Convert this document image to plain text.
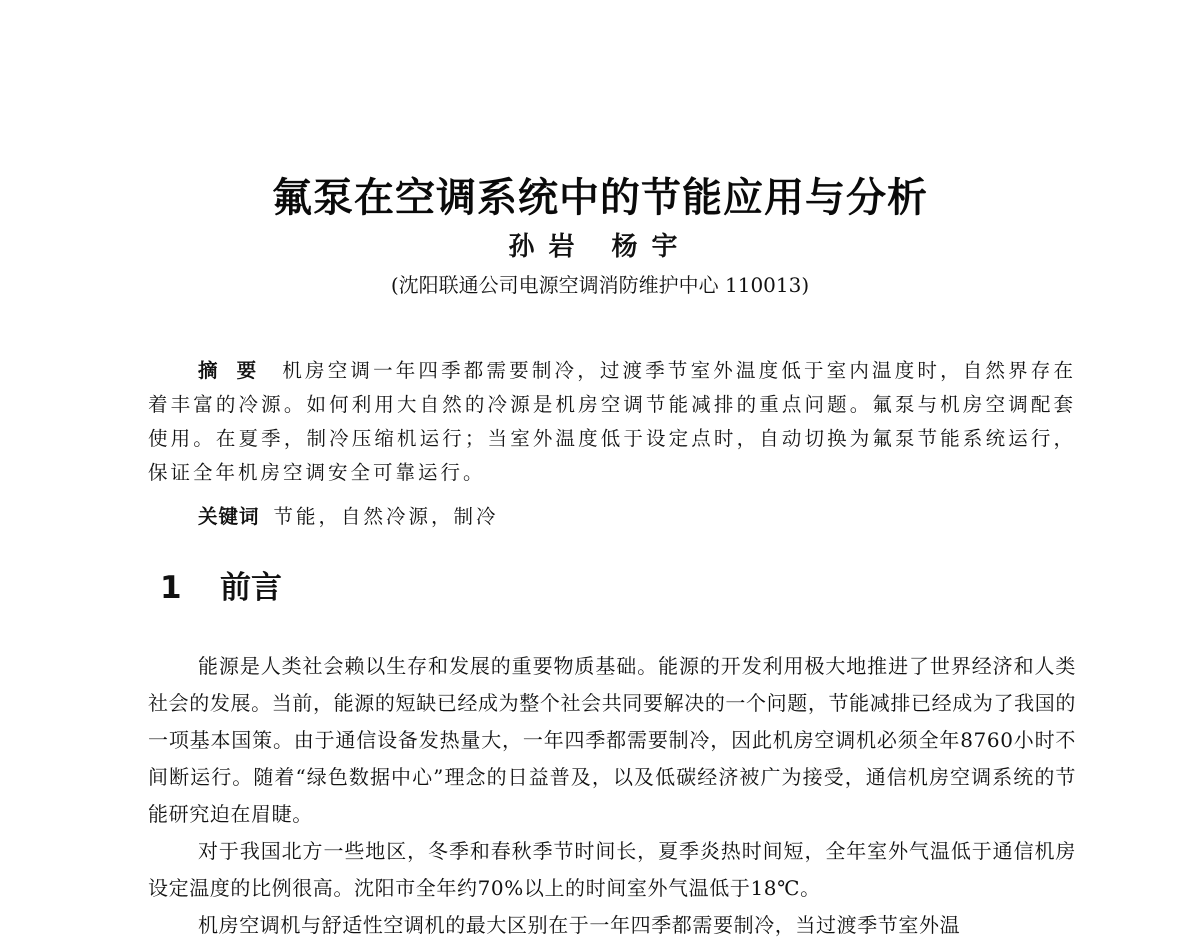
氟泵在空调系统中的节能应用与分析
孙岩 杨宇
(沈阳联通公司电源空调消防维护中心 110013)

摘 要 机房空调一年四季都需要制冷，过渡季节室外温度低于室内温度时，自然界存在着丰富的冷源。如何利用大自然的冷源是机房空调节能减排的重点问题。氟泵与机房空调配套使用。在夏季，制冷压缩机运行；当室外温度低于设定点时，自动切换为氟泵节能系统运行，保证全年机房空调安全可靠运行。

关键词 节能，自然冷源，制冷

1 前言

能源是人类社会赖以生存和发展的重要物质基础。能源的开发利用极大地推进了世界经济和人类社会的发展。当前，能源的短缺已经成为整个社会共同要解决的一个问题，节能减排已经成为了我国的一项基本国策。由于通信设备发热量大，一年四季都需要制冷，因此机房空调机必须全年8760小时不间断运行。随着“绿色数据中心”理念的日益普及，以及低碳经济被广为接受，通信机房空调系统的节能研究迫在眉睫。

对于我国北方一些地区，冬季和春秋季节时间长，夏季炎热时间短，全年室外气温低于通信机房设定温度的比例很高。沈阳市全年约70%以上的时间室外气温低于18℃。

机房空调机与舒适性空调机的最大区别在于一年四季都需要制冷，当过渡季节室外温
